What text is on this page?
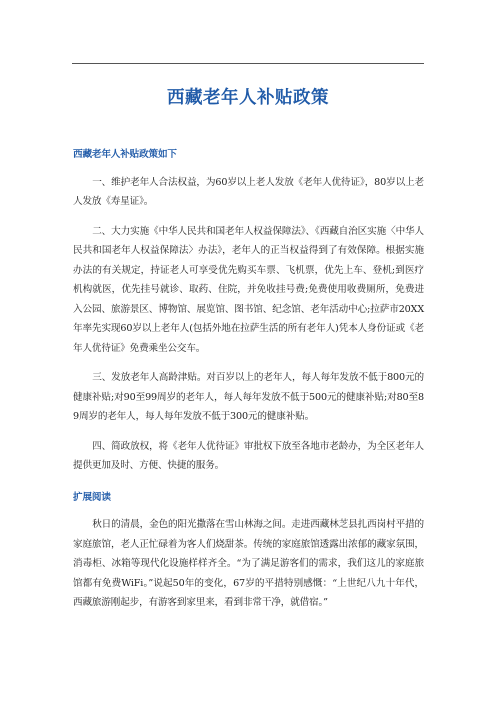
西藏老年人补贴政策
西藏老年人补贴政策如下

一、维护老年人合法权益，为60岁以上老人发放《老年人优待证》，80岁以上老人发放《寿星证》。

二、大力实施《中华人民共和国老年人权益保障法》、《西藏自治区实施〈中华人民共和国老年人权益保障法〉办法》，老年人的正当权益得到了有效保障。根据实施办法的有关规定，持证老人可享受优先购买车票、飞机票，优先上车、登机;到医疗机构就医，优先挂号就诊、取药、住院，并免收挂号费;免费使用收费厕所，免费进入公园、旅游景区、博物馆、展览馆、图书馆、纪念馆、老年活动中心;拉萨市20XX年率先实现60岁以上老年人(包括外地在拉萨生活的所有老年人)凭本人身份证或《老年人优待证》免费乘坐公交车。

三、发放老年人高龄津贴。对百岁以上的老年人，每人每年发放不低于800元的健康补贴;对90至99周岁的老年人，每人每年发放不低于500元的健康补贴;对80至89周岁的老年人，每人每年发放不低于300元的健康补贴。

四、简政放权，将《老年人优待证》审批权下放至各地市老龄办，为全区老年人提供更加及时、方便、快捷的服务。

扩展阅读

秋日的清晨，金色的阳光撒落在雪山林海之间。走进西藏林芝县扎西岗村平措的家庭旅馆，老人正忙碌着为客人们烧甜茶。传统的家庭旅馆透露出浓郁的藏家氛围，消毒柜、冰箱等现代化设施样样齐全。“为了满足游客们的需求，我们这儿的家庭旅馆都有免费WiFi。”说起50年的变化，67岁的平措特别感慨：“上世纪八九十年代，西藏旅游刚起步，有游客到家里来，看到非常干净，就借宿。”
